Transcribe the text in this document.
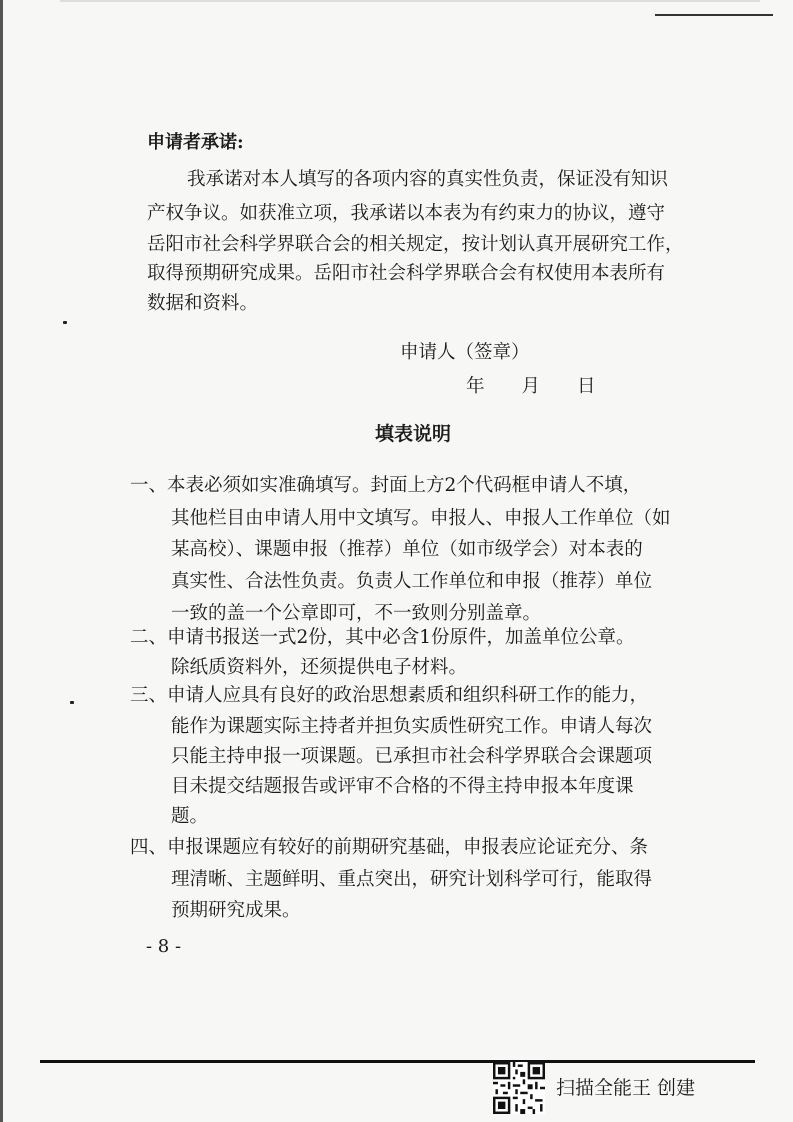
申请者承诺:
我承诺对本人填写的各项内容的真实性负责，保证没有知识
产权争议。如获准立项，我承诺以本表为有约束力的协议，遵守
岳阳市社会科学界联合会的相关规定，按计划认真开展研究工作，
取得预期研究成果。岳阳市社会科学界联合会有权使用本表所有
数据和资料。
申请人（签章）
年　　月　　日
填表说明
一、本表必须如实准确填写。封面上方2个代码框申请人不填，
其他栏目由申请人用中文填写。申报人、申报人工作单位（如
某高校）、课题申报（推荐）单位（如市级学会）对本表的
真实性、合法性负责。负责人工作单位和申报（推荐）单位
一致的盖一个公章即可，不一致则分别盖章。
二、申请书报送一式2份，其中必含1份原件，加盖单位公章。
除纸质资料外，还须提供电子材料。
三、申请人应具有良好的政治思想素质和组织科研工作的能力，
能作为课题实际主持者并担负实质性研究工作。申请人每次
只能主持申报一项课题。已承担市社会科学界联合会课题项
目未提交结题报告或评审不合格的不得主持申报本年度课
题。
四、申报课题应有较好的前期研究基础，申报表应论证充分、条
理清晰、主题鲜明、重点突出，研究计划科学可行，能取得
预期研究成果。
- 8 -
扫描全能王 创建
